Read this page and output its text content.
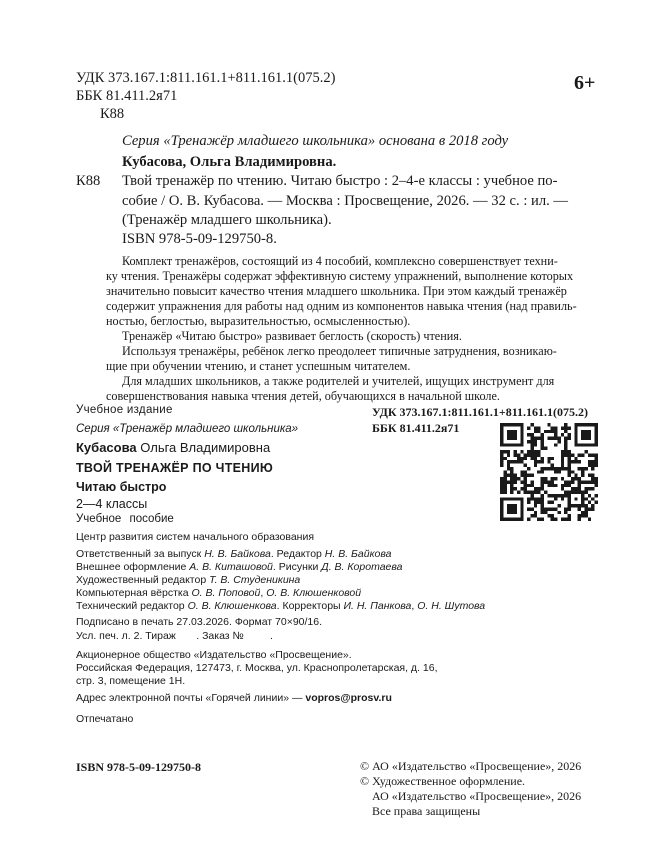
УДК 373.167.1:811.161.1+811.161.1(075.2)
ББК 81.411.2я71
К88
6+
Серия «Тренажёр младшего школьника» основана в 2018 году
Кубасова, Ольга Владимировна.
К88 Твой тренажёр по чтению. Читаю быстро : 2–4-е классы : учебное по-
собие / О. В. Кубасова. — Москва : Просвещение, 2026. — 32 с. : ил. —
(Тренажёр младшего школьника).
ISBN 978-5-09-129750-8.
Комплект тренажёров, состоящий из 4 пособий, комплексно совершенствует техни-
ку чтения. Тренажёры содержат эффективную систему упражнений, выполнение которых
значительно повысит качество чтения младшего школьника. При этом каждый тренажёр
содержит упражнения для работы над одним из компонентов навыка чтения (над правиль-
ностью, беглостью, выразительностью, осмысленностью).
Тренажёр «Читаю быстро» развивает беглость (скорость) чтения.
Используя тренажёры, ребёнок легко преодолеет типичные затруднения, возникаю-
щие при обучении чтению, и станет успешным читателем.
Для младших школьников, а также родителей и учителей, ищущих инструмент для
совершенствования навыка чтения детей, обучающихся в начальной школе.
УДК 373.167.1:811.161.1+811.161.1(075.2)
ББК 81.411.2я71
Учебное издание
Серия «Тренажёр младшего школьника»
Кубасова Ольга Владимировна
ТВОЙ ТРЕНАЖЁР ПО ЧТЕНИЮ
Читаю быстро
2—4 классы
Учебное пособие
Центр развития систем начального образования
Ответственный за выпуск Н. В. Байкова. Редактор Н. В. Байкова
Внешнее оформление А. В. Киташовой. Рисунки Д. В. Коротаева
Художественный редактор Т. В. Студеникина
Компьютерная вёрстка О. В. Поповой, О. В. Клюшенковой
Технический редактор О. В. Клюшенкова. Корректоры И. Н. Панкова, О. Н. Шутова
Подписано в печать 27.03.2026. Формат 70×90/16.
Усл. печ. л. 2. Тираж       . Заказ №         .
Акционерное общество «Издательство «Просвещение».
Российская Федерация, 127473, г. Москва, ул. Краснопролетарская, д. 16,
стр. 3, помещение 1Н.
Адрес электронной почты «Горячей линии» — vopros@prosv.ru
Отпечатано
ISBN 978-5-09-129750-8	© АО «Издательство «Просвещение», 2026
© Художественное оформление.
АО «Издательство «Просвещение», 2026
Все права защищены
